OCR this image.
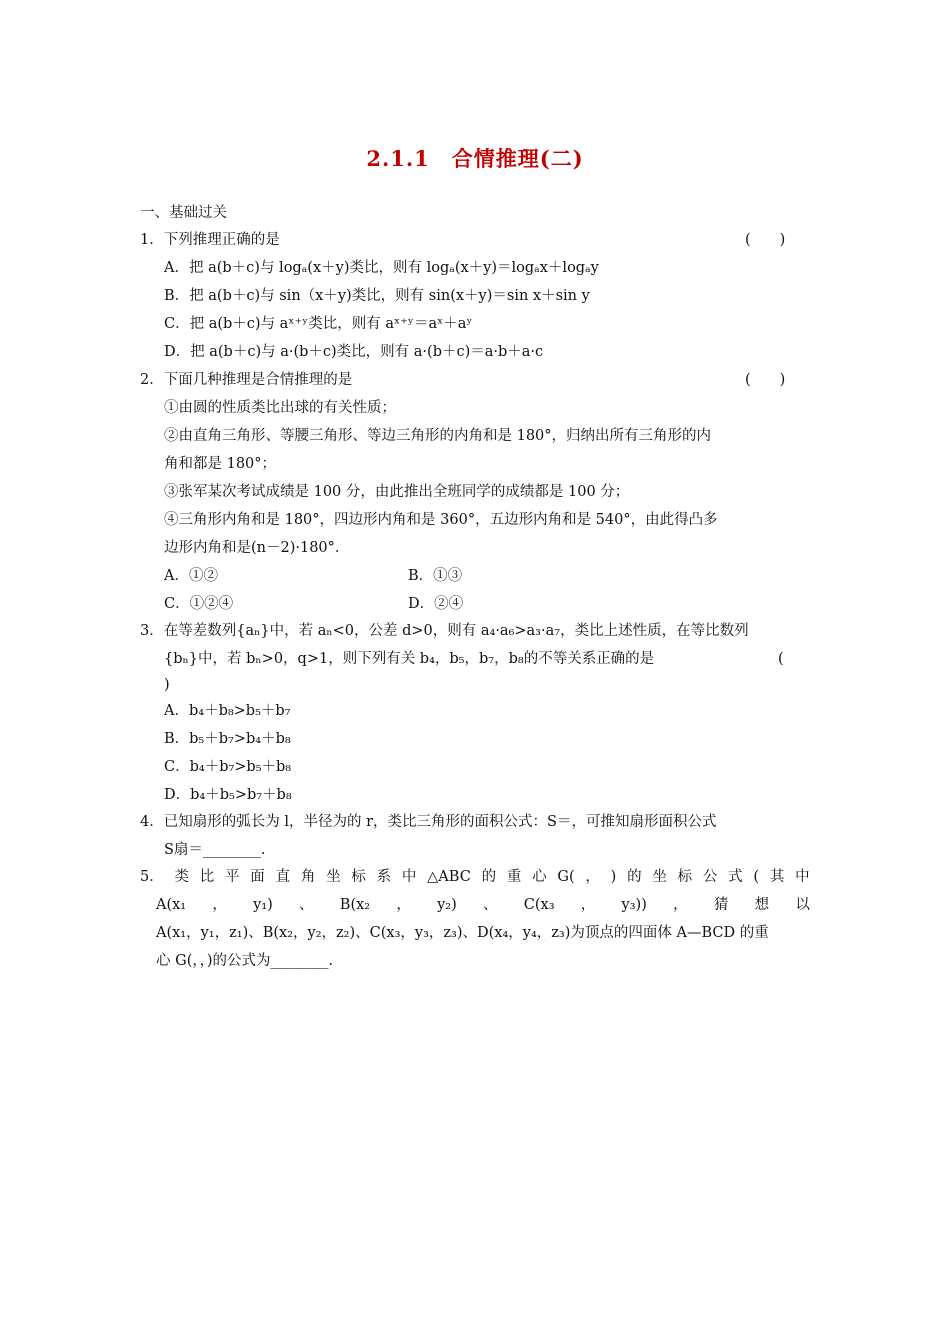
2.1.1　合情推理(二)
一、基础过关
1．下列推理正确的是	(　　)
A．把 a(b＋c)与 logₐ(x＋y)类比，则有 logₐ(x＋y)＝logₐx＋logₐy
B．把 a(b＋c)与 sin（x＋y)类比，则有 sin(x＋y)＝sin x＋sin y
C．把 a(b＋c)与 aˣ⁺ʸ类比，则有 aˣ⁺ʸ＝aˣ＋aʸ
D．把 a(b＋c)与 a·(b＋c)类比，则有 a·(b＋c)＝a·b＋a·c
2．下面几种推理是合情推理的是	(　　)
①由圆的性质类比出球的有关性质；
②由直角三角形、等腰三角形、等边三角形的内角和是 180°，归纳出所有三角形的内
角和都是 180°；
③张军某次考试成绩是 100 分，由此推出全班同学的成绩都是 100 分；
④三角形内角和是 180°，四边形内角和是 360°，五边形内角和是 540°，由此得凸多
边形内角和是(n－2)·180°．
A．①②	B．①③
C．①②④	D．②④
3．在等差数列{aₙ}中，若 aₙ<0，公差 d>0，则有 a₄·a₆>a₃·a₇，类比上述性质，在等比数列
{bₙ}中，若 bₙ>0，q>1，则下列有关 b₄，b₅，b₇，b₈的不等关系正确的是	(
)
A．b₄＋b₈>b₅＋b₇
B．b₅＋b₇>b₄＋b₈
C．b₄＋b₇>b₅＋b₈
D．b₄＋b₅>b₇＋b₈
4．已知扇形的弧长为 l，半径为的 r，类比三角形的面积公式：S＝，可推知扇形面积公式
S扇＝________.
5． 类 比 平 面 直 角 坐 标 系 中 △ABC 的 重 心 G( ， ) 的 坐 标 公 式 ( 其 中
A(x₁ ， y₁) 、 B(x₂ ， y₂) 、 C(x₃ ， y₃)) ， 猜 想 以
A(x₁，y₁，z₁)、B(x₂，y₂，z₂)、C(x₃，y₃，z₃)、D(x₄，y₄，z₃)为顶点的四面体 A—BCD 的重
心 G(，，)的公式为________.
